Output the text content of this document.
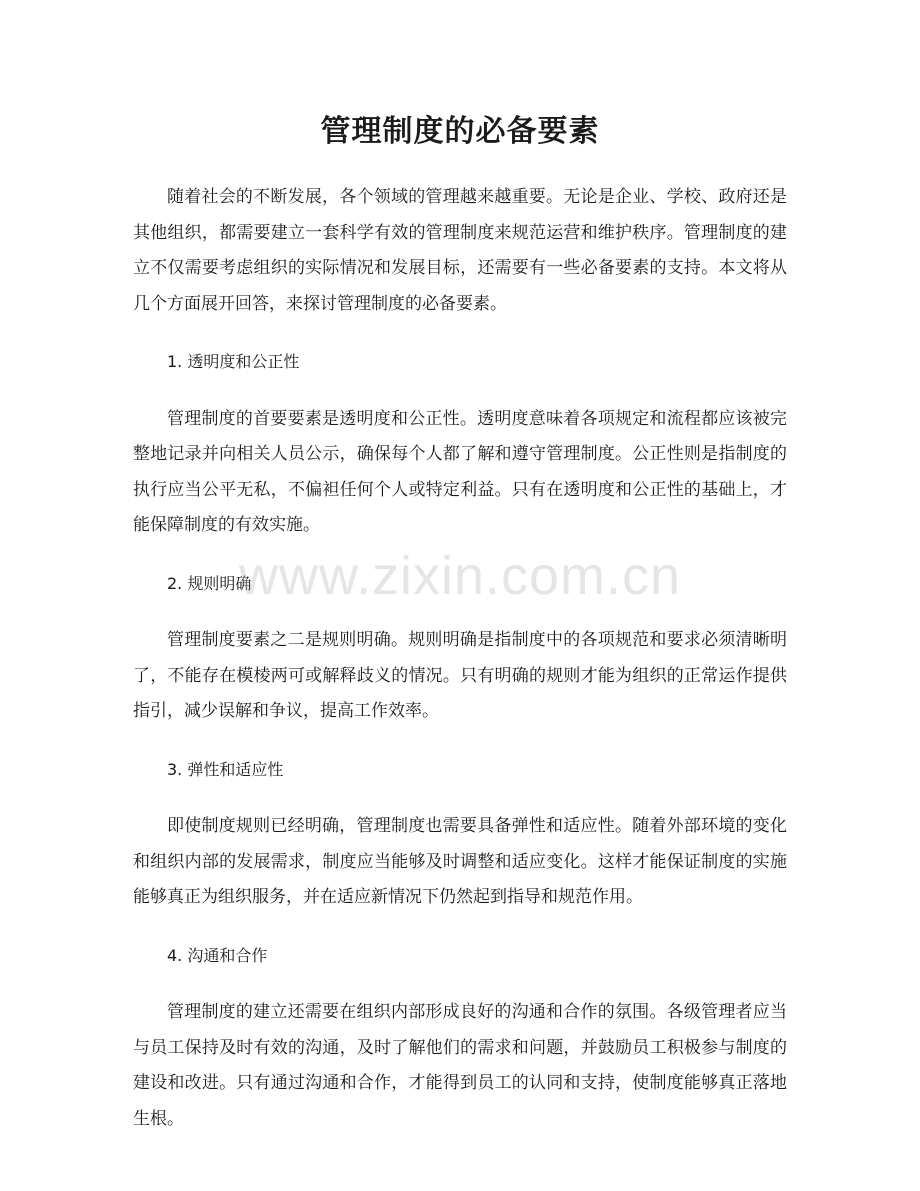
管理制度的必备要素

随着社会的不断发展，各个领域的管理越来越重要。无论是企业、学校、政府还是其他组织，都需要建立一套科学有效的管理制度来规范运营和维护秩序。管理制度的建立不仅需要考虑组织的实际情况和发展目标，还需要有一些必备要素的支持。本文将从几个方面展开回答，来探讨管理制度的必备要素。

1. 透明度和公正性

管理制度的首要要素是透明度和公正性。透明度意味着各项规定和流程都应该被完整地记录并向相关人员公示，确保每个人都了解和遵守管理制度。公正性则是指制度的执行应当公平无私，不偏袒任何个人或特定利益。只有在透明度和公正性的基础上，才能保障制度的有效实施。

2. 规则明确

管理制度要素之二是规则明确。规则明确是指制度中的各项规范和要求必须清晰明了，不能存在模棱两可或解释歧义的情况。只有明确的规则才能为组织的正常运作提供指引，减少误解和争议，提高工作效率。

3. 弹性和适应性

即使制度规则已经明确，管理制度也需要具备弹性和适应性。随着外部环境的变化和组织内部的发展需求，制度应当能够及时调整和适应变化。这样才能保证制度的实施能够真正为组织服务，并在适应新情况下仍然起到指导和规范作用。

4. 沟通和合作

管理制度的建立还需要在组织内部形成良好的沟通和合作的氛围。各级管理者应当与员工保持及时有效的沟通，及时了解他们的需求和问题，并鼓励员工积极参与制度的建设和改进。只有通过沟通和合作，才能得到员工的认同和支持，使制度能够真正落地生根。

www.zixin.com.cn
